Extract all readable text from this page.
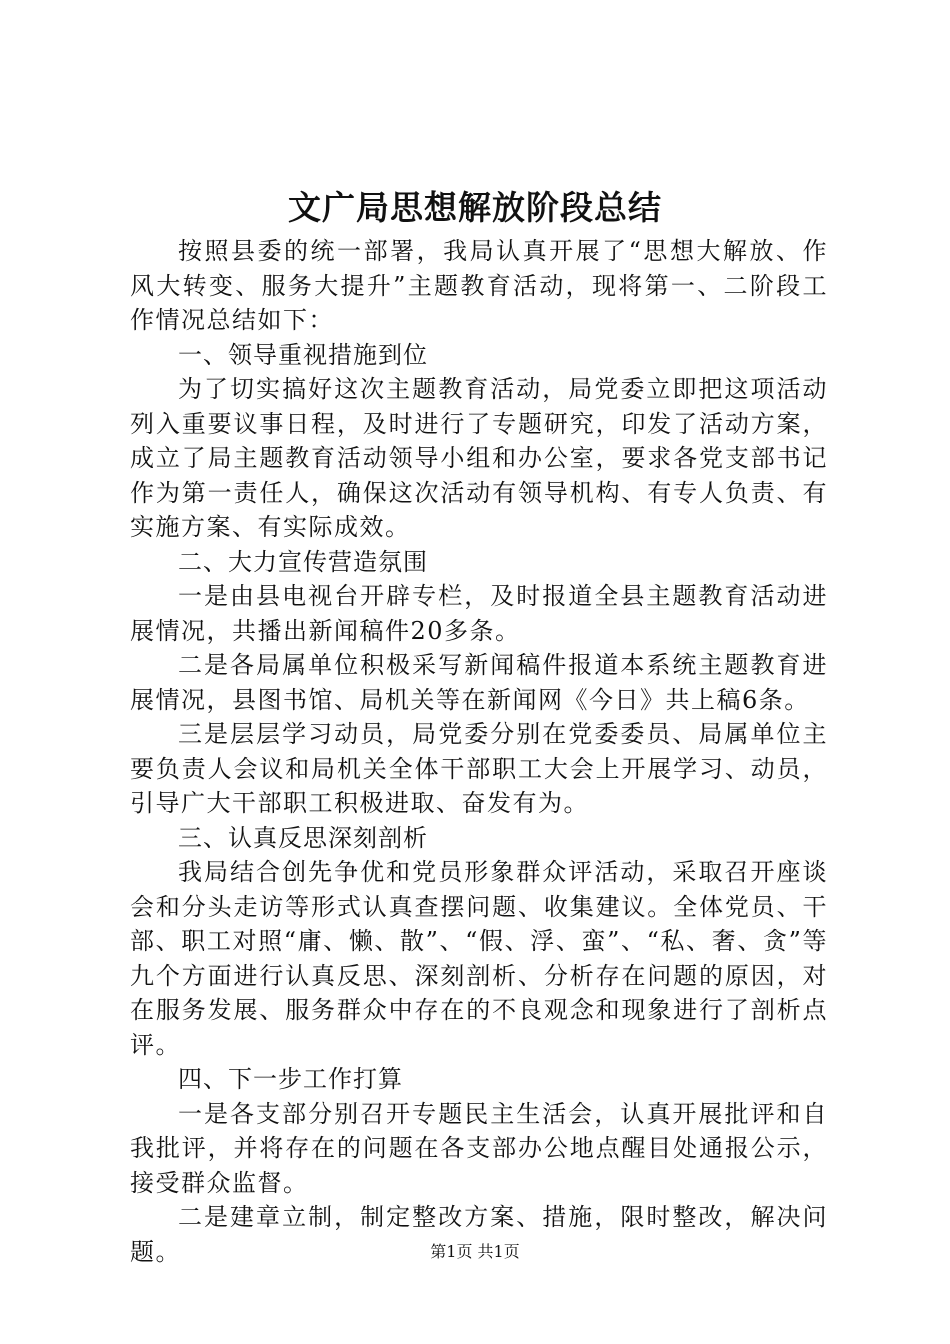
文广局思想解放阶段总结

按照县委的统一部署，我局认真开展了“思想大解放、作风大转变、服务大提升”主题教育活动，现将第一、二阶段工作情况总结如下：

一、领导重视措施到位

为了切实搞好这次主题教育活动，局党委立即把这项活动列入重要议事日程，及时进行了专题研究，印发了活动方案，成立了局主题教育活动领导小组和办公室，要求各党支部书记作为第一责任人，确保这次活动有领导机构、有专人负责、有实施方案、有实际成效。

二、大力宣传营造氛围

一是由县电视台开辟专栏，及时报道全县主题教育活动进展情况，共播出新闻稿件20多条。

二是各局属单位积极采写新闻稿件报道本系统主题教育进展情况，县图书馆、局机关等在新闻网《今日》共上稿6条。

三是层层学习动员，局党委分别在党委委员、局属单位主要负责人会议和局机关全体干部职工大会上开展学习、动员，引导广大干部职工积极进取、奋发有为。

三、认真反思深刻剖析

我局结合创先争优和党员形象群众评活动，采取召开座谈会和分头走访等形式认真查摆问题、收集建议。全体党员、干部、职工对照“庸、懒、散”、“假、浮、蛮”、“私、奢、贪”等九个方面进行认真反思、深刻剖析、分析存在问题的原因，对在服务发展、服务群众中存在的不良观念和现象进行了剖析点评。

四、下一步工作打算

一是各支部分别召开专题民主生活会，认真开展批评和自我批评，并将存在的问题在各支部办公地点醒目处通报公示，接受群众监督。

二是建章立制，制定整改方案、措施，限时整改，解决问题。	第1页 共1页
